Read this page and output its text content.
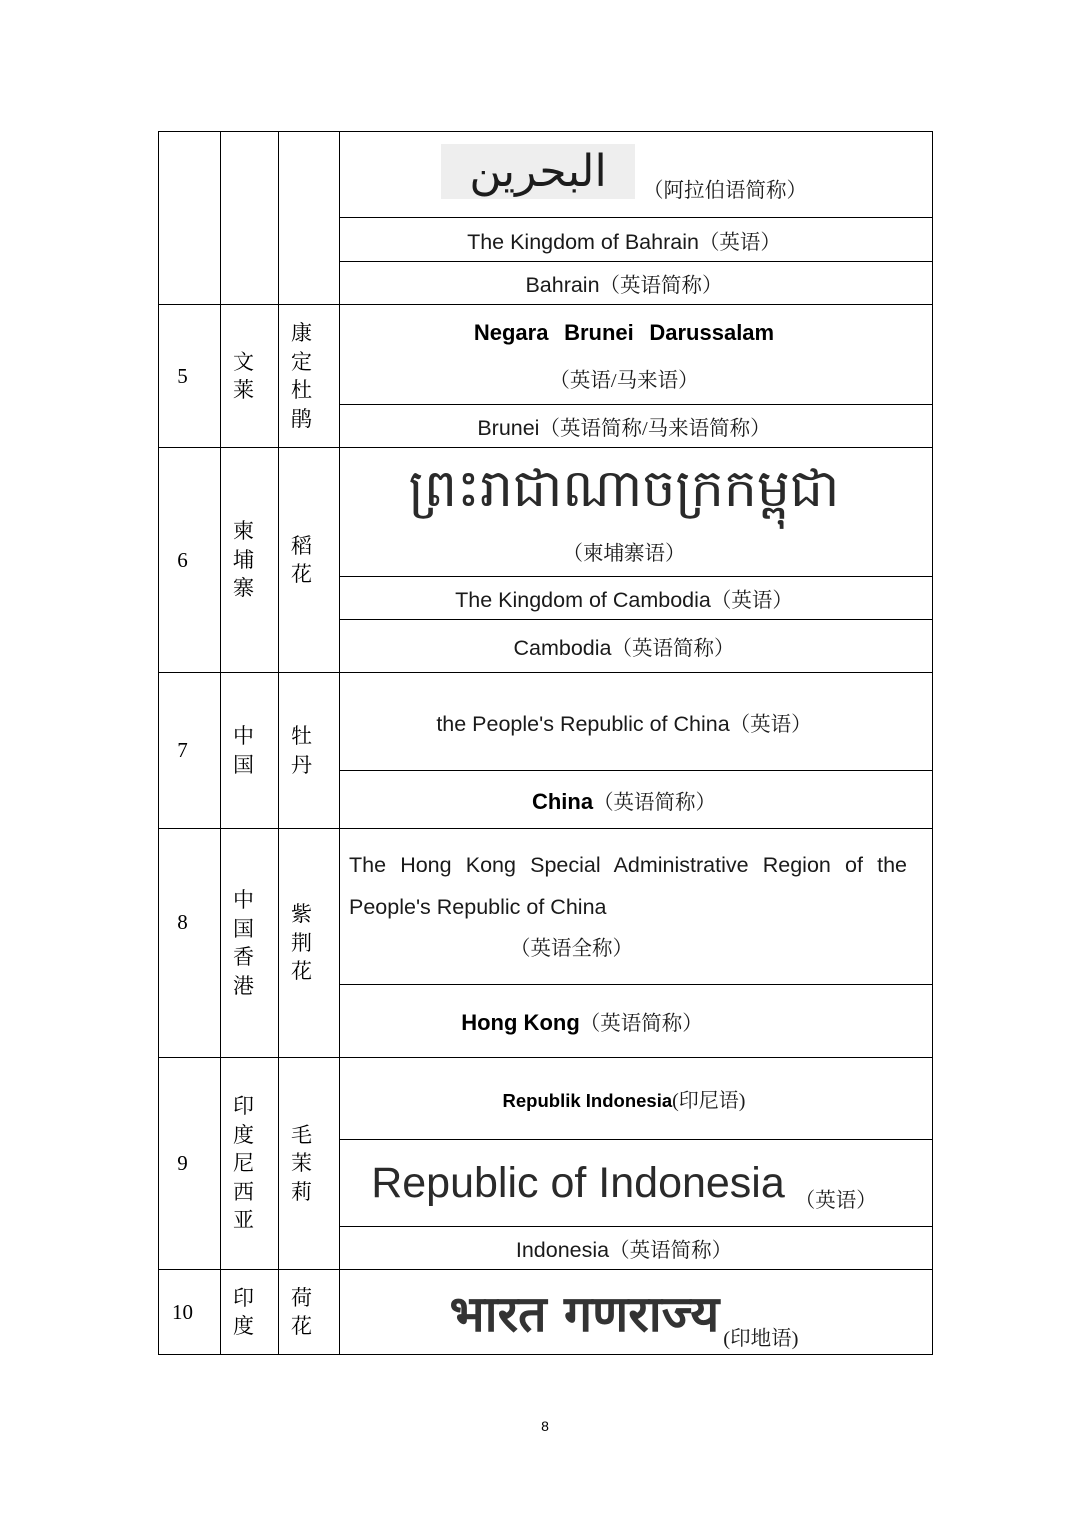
البحرين （阿拉伯语简称）
The Kingdom of Bahrain（英语）
Bahrain（英语简称）
5
文莱
康定杜鹃
Negara Brunei Darussalam
（英语/马来语）
Brunei（英语简称/马来语简称）
6
柬埔寨
稻花
ព្រះរាជាណាចក្រកម្ពុជា
（柬埔寨语）
The Kingdom of Cambodia（英语）
Cambodia（英语简称）
7
中国
牡丹
the People's Republic of China（英语）
China（英语简称）
8
中国香港
紫荆花
The Hong Kong Special Administrative Region of the People's Republic of China
（英语全称）
Hong Kong（英语简称）
9
印度尼西亚
毛茉莉
Republik Indonesia(印尼语)
Republic of Indonesia （英语）
Indonesia（英语简称）
10
印度
荷花	भारत गणराज्य (印地语)
8
